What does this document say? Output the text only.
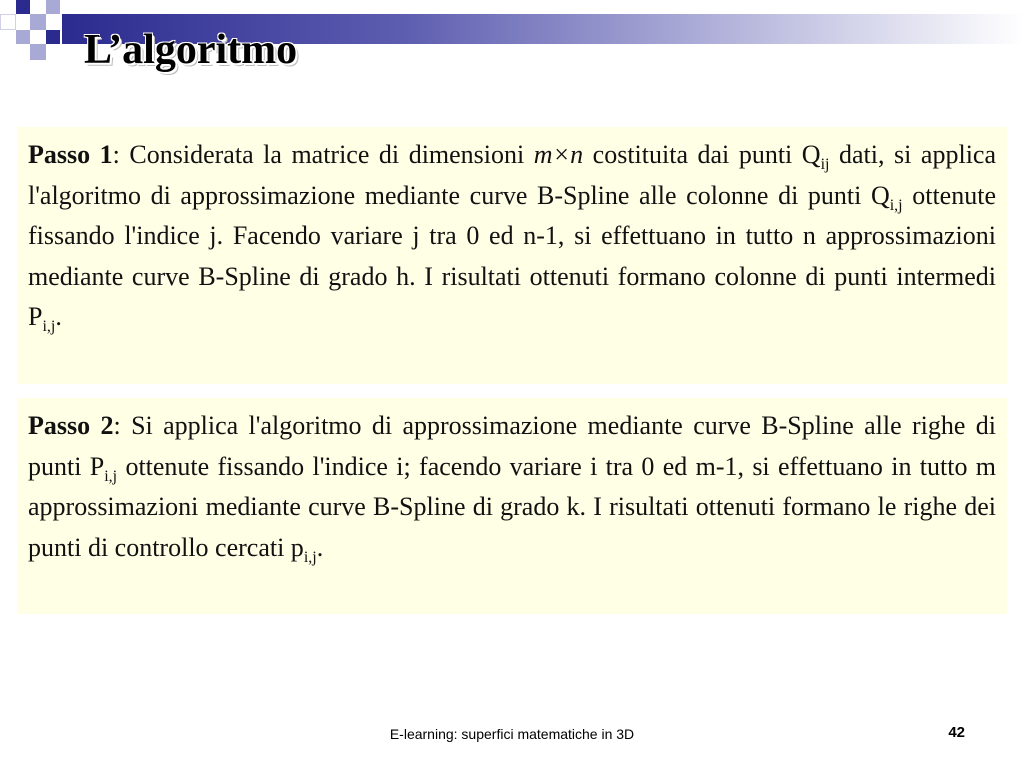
L’algoritmo

Passo 1: Considerata la matrice di dimensioni m×n costituita dai punti $Q_{ij}$ dati, si applica l'algoritmo di approssimazione mediante curve B-Spline alle colonne di punti $Q_{i,j}$ ottenute fissando l'indice j. Facendo variare j tra 0 ed n-1, si effettuano in tutto n approssimazioni mediante curve B-Spline di grado h. I risultati ottenuti formano colonne di punti intermedi $P_{i,j}$.

Passo 2: Si applica l'algoritmo di approssimazione mediante curve B-Spline alle righe di punti $P_{i,j}$ ottenute fissando l'indice i; facendo variare i tra 0 ed m-1, si effettuano in tutto m approssimazioni mediante curve B-Spline di grado k. I risultati ottenuti formano le righe dei punti di controllo cercati $p_{i,j}$.

E-learning: superfici matematiche in 3D	42
